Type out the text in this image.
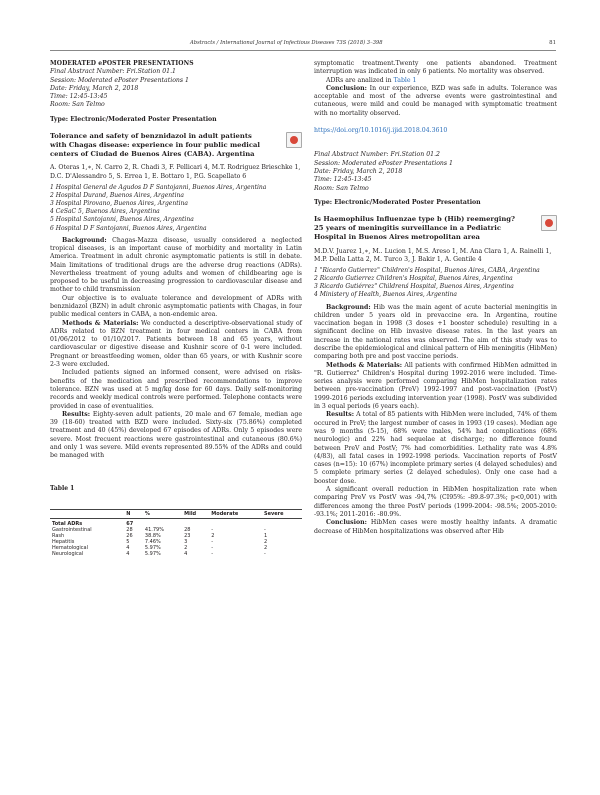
Abstracts / International Journal of Infectious Diseases 73S (2018) 3–398	81
MODERATED ePOSTER PRESENTATIONS
Final Abstract Number: Fri.Station 01.1
Session: Moderated ePoster Presentations 1
Date: Friday, March 2, 2018
Time: 12:45-13:45
Room: San Telmo
Type: Electronic/Moderated Poster Presentation
Tolerance and safety of benznidazol in adult patients with Chagas disease: experience in four public medical centers of Ciudad de Buenos Aires (CABA). Argentina
A. Oteras 1,∗, N. Carro 2, R. Chadi 3, F. Pellicari 4, M.T. Rodriguez Brieschke 1, D.C. D'Alessandro 5, S. Errea 1, E. Bottaro 1, P.G. Scapellato 6
1 Hospital General de Agudos D F Santojanni, Buenos Aires, Argentina
2 Hospital Durand, Buenos Aires, Argentina
3 Hospital Pirovano, Buenos Aires, Argentina
4 CeSaC 5, Buenos Aires, Argentina
5 Hospital Santojanni, Buenos Aires, Argentina
6 Hospital D F Santojanni, Buenos Aires, Argentina

Background: Chagas-Mazza disease, usually considered a neglected tropical diseases, is an important cause of morbidity and mortality in Latin America. Treatment in adult chronic asymptomatic patients is still in debate. Main limitations of traditional drugs are the adverse drug reactions (ADRs). Nevertheless treatment of young adults and women of childbearing age is proposed to be useful in decreasing progression to cardiovascular disease and mother to child transmission

Our objective is to evaluate tolerance and development of ADRs with benznidazol (BZN) in adult chronic asymptomatic patients with Chagas, in four public medical centers in CABA, a non-endemic area.

Methods & Materials: We conducted a descriptive-observational study of ADRs related to BZN treatment in four medical centers in CABA from 01/06/2012 to 01/10/2017. Patients between 18 and 65 years, without cardiovascular or digestive disease and Kushnir score of 0-1 were included. Pregnant or breastfeeding women, older than 65 years, or with Kushnir score 2-3 were excluded.

Included patients signed an informed consent, were advised on risks-benefits of the medication and prescribed recommendations to improve tolerance. BZN was used at 5 mg/kg dose for 60 days. Daily self-monitoring records and weekly medical controls were performed. Telephone contacts were provided in case of eventualities.

Results: Eighty-seven adult patients, 20 male and 67 female, median age 39 (18-60) treated with BZD were included. Sixty-six (75.86%) completed treatment and 40 (45%) developed 67 episodes of ADRs. Only 5 episodes were severe. Most frecuent reactions were gastrointestinal and cutaneous (80.6%) and only 1 was severe. Mild events represented 89.55% of the ADRs and could be managed with

Table 1
	N	%	Mild	Moderate	Severe
Total ADRs	67				
Gastrointestinal	28	41.79%	28	-	-
Rash	26	38.8%	23	2	1
Hepatitis	5	7.46%	3	-	2
Hematological	4	5.97%	2	-	2
Neurological	4	5.97%	4	-	-

symptomatic treatment.Twenty one patients abandoned. Treatment interruption was indicated in only 6 patients. No mortality was observed.

ADRs are analized in Table 1

Conclusion: In our experience, BZD was safe in adults. Tolerance was acceptable and most of the adverse events were gastrointestinal and cutaneous, were mild and could be managed with symptomatic treatment with no mortality observed.

https://doi.org/10.1016/j.ijid.2018.04.3610
Final Abstract Number: Fri.Station 01.2
Session: Moderated ePoster Presentations 1
Date: Friday, March 2, 2018
Time: 12:45-13:45
Room: San Telmo
Type: Electronic/Moderated Poster Presentation
Is Haemophilus Influenzae type b (Hib) reemerging? 25 years of meningitis surveillance in a Pediatric Hospital in Buenos Aires metropolitan area
M.D.V. Juarez 1,∗, M.. Lucion 1, M.S. Areso 1, M. Ana Clara 1, A. Rainelli 1, M.P. Della Latta 2, M. Turco 3, J. Bakir 1, A. Gentile 4
1 "Ricardo Gutierrez" Children's Hospital, Buenos Aires, CABA, Argentina
2 Ricardo Gutierrez Children's Hospital, Buenos Aires, Argentina
3 Ricardo Gutiérrez" Childrenś Hospital, Buenos Aires, Argentina
4 Ministery of Health, Buenos Aires, Argentina

Background: Hib was the main agent of acute bacterial meningitis in children under 5 years old in prevaccine era. In Argentina, routine vaccination began in 1998 (3 doses +1 booster schedule) resulting in a significant decline on Hib invasive disease rates. In the last years an increase in the national rates was observed. The aim of this study was to describe the epidemiological and clinical pattern of Hib meningitis (HibMen) comparing both pre and post vaccine periods.

Methods & Materials: All patients with confirmed HibMen admitted in "R. Gutierrez" Children's Hospital during 1992-2016 were included. Time-series analysis were performed comparing HibMen hospitalization rates between pre-vaccination (PreV) 1992-1997 and post-vaccination (PostV) 1999-2016 periods excluding intervention year (1998). PostV was subdivided in 3 equal periods (6 years each).

Results: A total of 85 patients with HibMen were included, 74% of them occured in PreV; the largest number of cases in 1993 (19 cases). Median age was 9 months (5-15), 68% were males, 54% had complications (68% neurologic) and 22% had sequelae at discharge; no difference found between PreV and PostV; 7% had comorbidities. Lethality rate was 4.8% (4/83), all fatal cases in 1992-1998 periods. Vaccination reports of PostV cases (n=15): 10 (67%) incomplete primary series (4 delayed schedules) and 5 complete primary series (2 delayed schedules). Only one case had a booster dose.

A significant overall reduction in HibMen hospitalization rate when comparing PreV vs PostV was -94,7% (CI95%: -89.8-97.3%; p<0,001) with differences among the three PostV periods (1999-2004: -98.5%; 2005-2010: -93.1%; 2011-2016: -80.9%.

Conclusion: HibMen cases were mostly healthy infants. A dramatic decrease of HibMen hospitalizations was observed after Hib
